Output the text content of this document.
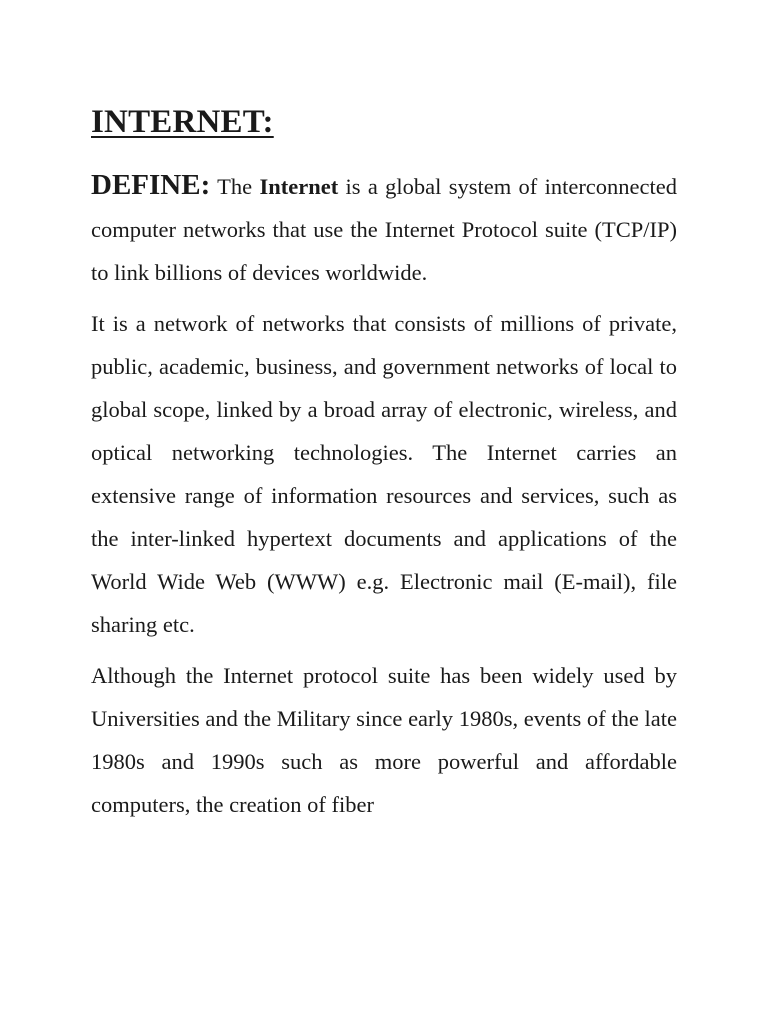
INTERNET:

DEFINE: The Internet is a global system of interconnected computer networks that use the Internet Protocol suite (TCP/IP) to link billions of devices worldwide.

It is a network of networks that consists of millions of private, public, academic, business, and government networks of local to global scope, linked by a broad array of electronic, wireless, and optical networking technologies. The Internet carries an extensive range of information resources and services, such as the inter-linked hypertext documents and applications of the World Wide Web (WWW) e.g. Electronic mail (E-mail), file sharing etc.

Although the Internet protocol suite has been widely used by Universities and the Military since early 1980s, events of the late 1980s and 1990s such as more powerful and affordable computers, the creation of fiber
